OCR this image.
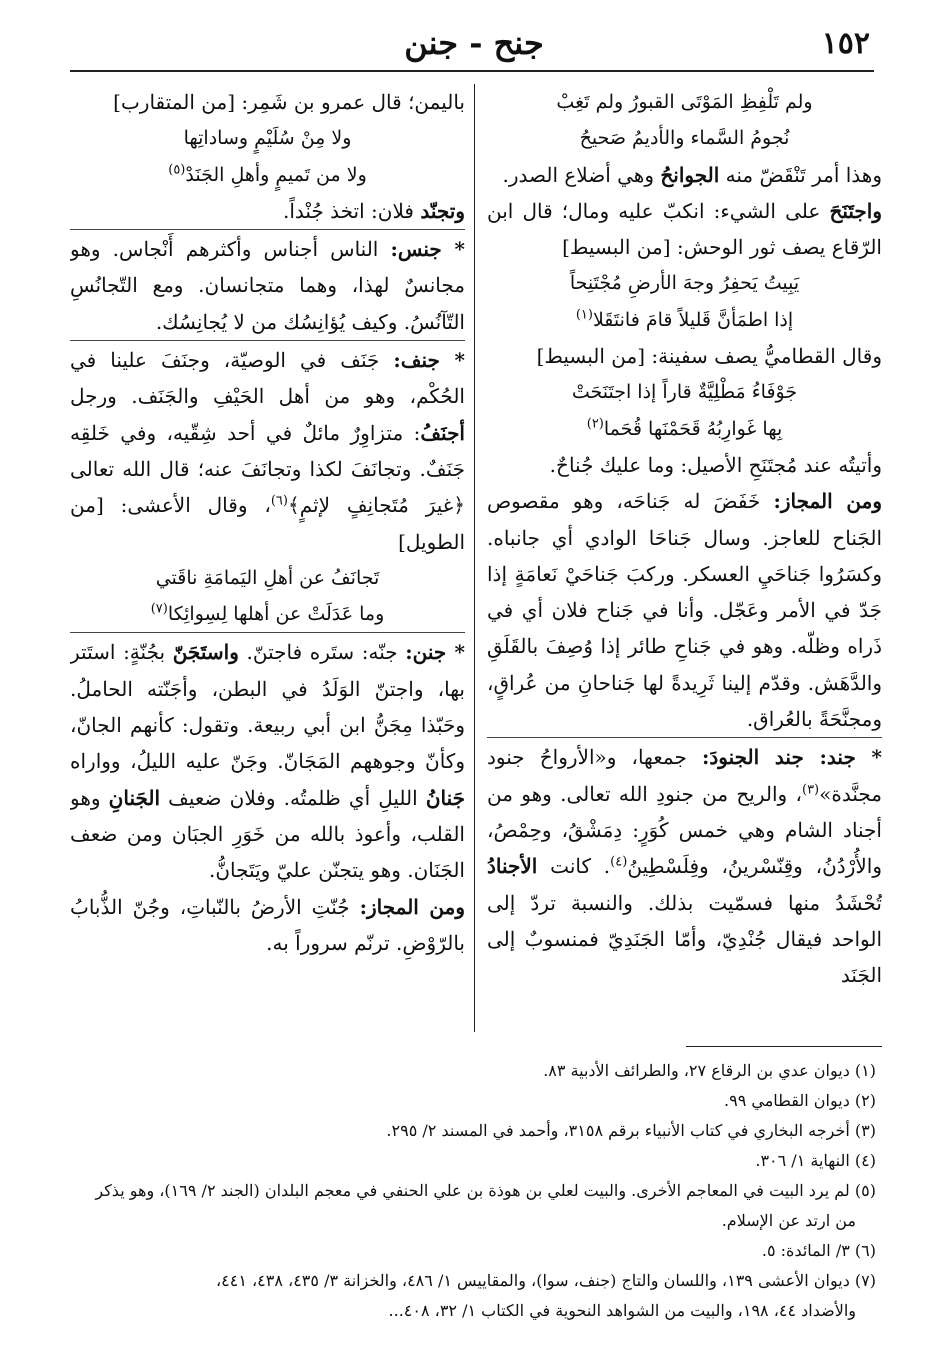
١٥٢
جنح - جنن

ولم تَلْفِظِ المَوْتَى القبورُ ولم تَغِبْ

نُجومُ السَّماء والأديمُ صَحيحُ

وهذا أمر تَنْقَضّ منه الجوانحُ وهي أضلاع الصدر.

واجتَنَحَ على الشيء: انكبّ عليه ومال؛ قال ابن الرّقاع يصف ثور الوحش: [من البسيط]

يَبِيتُ يَحفِرُ وجهَ الأرضِ مُجْتَنِحاً

إذا اطمَأنَّ قَليلاً قامَ فانتَقَلا$^{(١)}$

وقال القطاميُّ يصف سفينة: [من البسيط]

جَوْفَاءُ مَطْلِيَّةٌ قاراً إذا اجتَنَحَتْ

بِها غَوارِبُهُ قَحَمْنَها قُحَما$^{(٢)}$

وأتيتُه عند مُجتَنَحِ الأصيل: وما عليك جُناحٌ.

ومن المجاز: خَفَضَ له جَناحَه، وهو مقصوص الجَناح للعاجز. وسال جَناحَا الوادي أي جانباه. وكسَرُوا جَناحَيِ العسكر. وركبَ جَناحَيْ نَعامَةٍ إذا جَدّ في الأمر وعَجّل. وأنا في جَناح فلان أي في ذَراه وظلّه. وهو في جَناحِ طائر إذا وُصِفَ بالقَلَقِ والدَّهَش. وقدّم إلينا ثَرِيدةً لها جَناحانِ من عُراقٍ، ومجنَّحَةً بالعُراق.

* جند: جند الجنودَ: جمعها، و«الأرواحُ جنود مجنَّدة»$^{(٣)}$، والريح من جنودِ الله تعالى. وهو من أجناد الشام وهي خمس كُوَرٍ: دِمَشْقُ، وحِمْصُ، والأُرْدُنُ، وقِنّسْرينُ، وفِلَسْطِينُ$^{(٤)}$. كانت الأجنادُ تُحْشَدُ منها فسمّيت بذلك. والنسبة تردّ إلى الواحد فيقال جُنْدِيّ، وأمّا الجَنَدِيّ فمنسوبٌ إلى الجَنَد

باليمن؛ قال عمرو بن شَمِر: [من المتقارب]

ولا مِنْ سُلَيْمٍ وساداتِها

ولا من تَميمٍ وأهلِ الجَنَدْ$^{(٥)}$

وتجنّد فلان: اتخذ جُنْداً.

* جنس: الناس أجناس وأكثرهم أَنْجاس. وهو مجانسٌ لهذا، وهما متجانسان. ومع التّجانُسِ التّآنُسُ. وكيف يُؤانِسُك من لا يُجانِسُك.

* جنف: جَنَف في الوصيّة، وجنَفَ علينا في الحُكْم، وهو من أهل الحَيْفِ والجَنَف. ورجل أجنَفُ: متزاوِرٌ مائلٌ في أحد شِقّيه، وفي خَلقِه جَنَفٌ. وتجانَفَ لكذا وتجانَفَ عنه؛ قال الله تعالى ﴿غيرَ مُتَجانِفٍ لإثمٍ﴾$^{(٦)}$، وقال الأعشى: [من الطويل]

تَجانَفُ عن أهلِ اليَمامَةِ ناقَتي

وما عَدَلَتْ عن أهلها لِسِوائِكا$^{(٧)}$

* جنن: جنّه: ستَره فاجتنّ. واستَجَنّ بجُنّةٍ: استَتر بها، واجتنّ الوَلَدُ في البطن، وأجَنّته الحاملُ. وحَبّذا مِجَنُّ ابن أبي ربيعة. وتقول: كأنهم الجانّ، وكأنّ وجوههم المَجَانّ. وجَنّ عليه الليلُ، وواراه جَنانُ الليلِ أي ظلمتُه. وفلان ضعيف الجَنانِ وهو القلب، وأعوذ بالله من خَوَرِ الجبَان ومن ضعف الجَنَان. وهو يتجنّن عليّ ويَتَجانُّ.

ومن المجاز: جُنّتِ الأرضُ بالنّباتِ، وجُنّ الذُّبابُ بالرّوْضِ. ترنّم سروراً به.

(١) ديوان عدي بن الرقاع ٢٧، والطرائف الأدبية ٨٣.

(٢) ديوان القطامي ٩٩.

(٣) أخرجه البخاري في كتاب الأنبياء برقم ٣١٥٨، وأحمد في المسند ٢/ ٢٩٥.

(٤) النهاية ١/ ٣٠٦.

(٥) لم يرد البيت في المعاجم الأخرى. والبيت لعلي بن هوذة بن علي الحنفي في معجم البلدان (الجند ٢/ ١٦٩)، وهو يذكر

من ارتد عن الإسلام.

(٦) ٣/ المائدة: ٥.

(٧) ديوان الأعشى ١٣٩، واللسان والتاج (جنف، سوا)، والمقاييس ١/ ٤٨٦، والخزانة ٣/ ٤٣٥، ٤٣٨، ٤٤١،

والأضداد ٤٤، ١٩٨، والبيت من الشواهد النحوية في الكتاب ١/ ٣٢، ٤٠٨...
